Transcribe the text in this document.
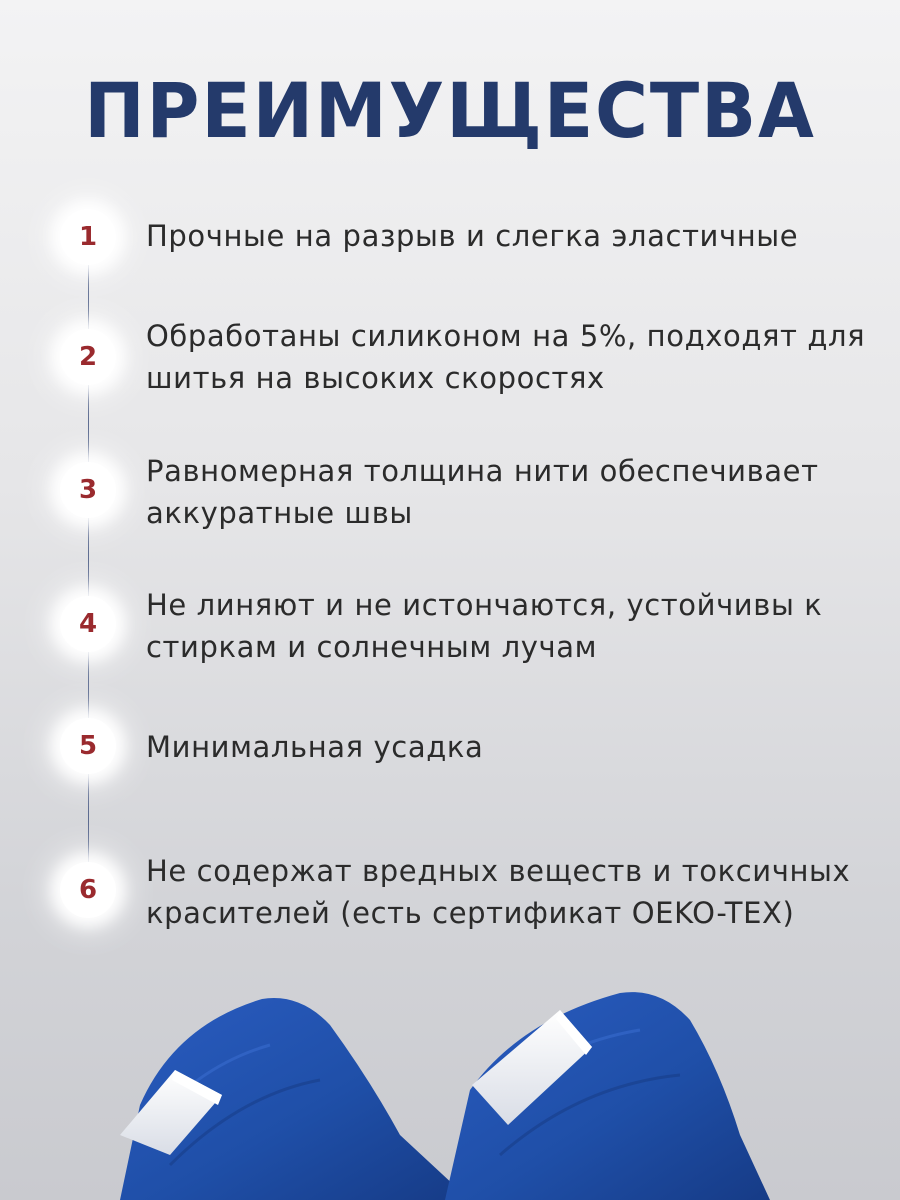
ПРЕИМУЩЕСТВА
1	Прочные на разрыв и слегка эластичные
2
Обработаны силиконом на 5%, подходят для шитья на высоких скоростях
3
Равномерная толщина нити обеспечивает аккуратные швы
4
Не линяют и не истончаются, устойчивы к стиркам и солнечным лучам
5	Минимальная усадка
6
Не содержат вредных веществ и токсичных красителей (есть сертификат OEKO-TEX)
